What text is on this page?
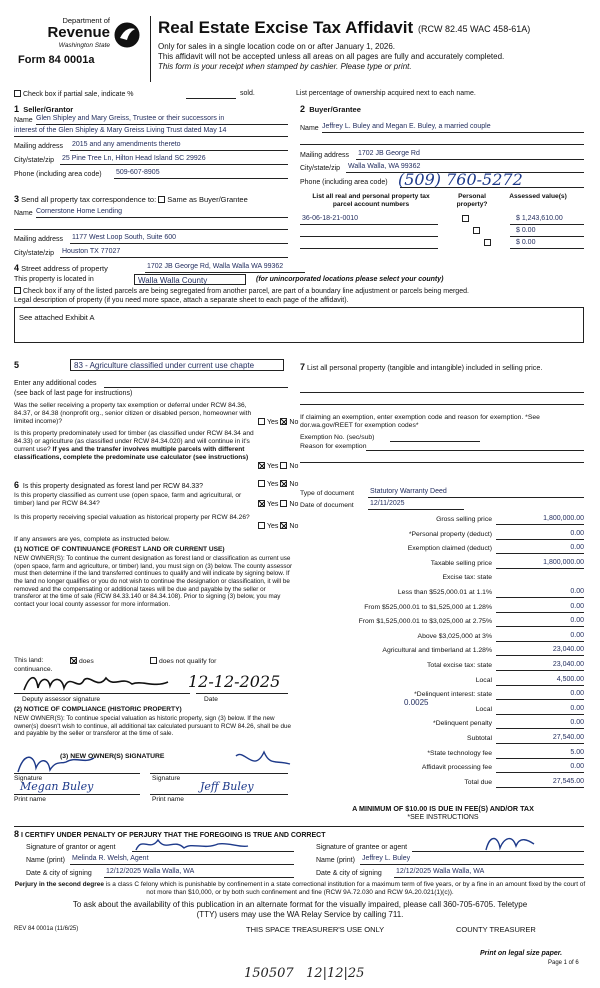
Department of
Revenue
Washington State
Form 84 0001a
Real Estate Excise Tax Affidavit (RCW 82.45 WAC 458-61A)
Only for sales in a single location code on or after January 1, 2026.
This affidavit will not be accepted unless all areas on all pages are fully and accurately completed.
This form is your receipt when stamped by cashier. Please type or print.
Check box if partial sale, indicate %	sold.	List percentage of ownership acquired next to each name.
1 Seller/Grantor
Name Glen Shipley and Mary Greiss, Trustee or their successors in
interest of the Glen Shipley & Mary Greiss Living Trust dated May 14
Mailing address 2015 and any amendments thereto
City/state/zip 25 Pine Tree Ln, Hilton Head Island SC 29926
Phone (including area code) 509-607-8905
2 Buyer/Grantee
Name Jeffrey L. Buley and Megan E. Buley, a married couple
Mailing address 1702 JB George Rd
City/state/zip Walla Walla, WA 99362
Phone (including area code) (509) 760-5272
3 Send all property tax correspondence to: Same as Buyer/Grantee
Name Cornerstone Home Lending
Mailing address 1177 West Loop South, Suite 600
City/state/zip Houston TX 77027
List all real and personal property tax parcel account numbers
Personal property?
Assessed value(s)
36-06-18-21-0010
	$ 1,243,610.00
$ 0.00
$ 0.00
4 Street address of property	1702 JB George Rd, Walla Walla WA 99362
This property is located in	Walla Walla County	(for unincorporated locations please select your county)
Check box if any of the listed parcels are being segregated from another parcel, are part of a boundary line adjustment or parcels being merged.
Legal description of property (if you need more space, attach a separate sheet to each page of the affidavit).
See attached Exhibit A
5	83 - Agriculture classified under current use chapte
Enter any additional codes
(see back of last page for instructions)
Was the seller receiving a property tax exemption or deferral under RCW 84.36, 84.37, or 84.38 (nonprofit org., senior citizen or disabled person, homeowner with limited income)?	Yes No
Is this property predominately used for timber (as classified under RCW 84.34 and 84.33) or agriculture (as classified under RCW 84.34.020) and will continue in it's current use? If yes and the transfer involves multiple parcels with different classifications, complete the predominate use calculator (see instructions)
Yes No
6 Is this property designated as forest land per RCW 84.33?	Yes No
Is this property classified as current use (open space, farm and agricultural, or timber) land per RCW 84.34?	Yes No
Is this property receiving special valuation as historical property per RCW 84.26?
Yes No
If any answers are yes, complete as instructed below.
(1) NOTICE OF CONTINUANCE (FOREST LAND OR CURRENT USE)
NEW OWNER(S): To continue the current designation as forest land or classification as current use (open space, farm and agriculture, or timber) land, you must sign on (3) below. The county assessor must then determine if the land transferred continues to qualify and will indicate by signing below. If the land no longer qualifies or you do not wish to continue the designation or classification, it will be removed and the compensating or additional taxes will be due and payable by the seller or transferor at the time of sale (RCW 84.33.140 or 84.34.108). Prior to signing (3) below, you may contact your local county assessor for more information.
This land:	does	does not qualify for
continuance.
12-12-2025
Deputy assessor signature	Date
(2) NOTICE OF COMPLIANCE (HISTORIC PROPERTY)
NEW OWNER(S): To continue special valuation as historic property, sign (3) below. If the new owner(s) doesn't wish to continue, all additional tax calculated pursuant to RCW 84.26, shall be due and payable by the seller or transferor at the time of sale.
(3) NEW OWNER(S) SIGNATURE
Signature	Signature
Megan Buley	Jeff Buley
Print name	Print name
7 List all personal property (tangible and intangible) included in selling price.
If claiming an exemption, enter exemption code and reason for exemption. *See dor.wa.gov/REET for exemption codes*
Exemption No. (sec/sub)
Reason for exemption
Type of document Statutory Warranty Deed
Date of document 12/11/2025
Gross selling price	1,800,000.00
*Personal property (deduct)	0.00
Exemption claimed (deduct)	0.00
Taxable selling price	1,800,000.00
Excise tax: state
Less than $525,000.01 at 1.1%	0.00
From $525,000.01 to $1,525,000 at 1.28%	0.00
From $1,525,000.01 to $3,025,000 at 2.75%	0.00
Above $3,025,000 at 3%	0.00
Agricultural and timberland at 1.28%	23,040.00
Total excise tax: state	23,040.00
Local	4,500.00
*Delinquent interest: state	0.00
Local	0.00
*Delinquent penalty	0.00
Subtotal	27,540.00
*State technology fee	5.00
Affidavit processing fee	0.00
Total due	27,545.00
0.0025
A MINIMUM OF $10.00 IS DUE IN FEE(S) AND/OR TAX
*SEE INSTRUCTIONS
8 I CERTIFY UNDER PENALTY OF PERJURY THAT THE FOREGOING IS TRUE AND CORRECT
Signature of grantor or agent
Name (print) Melinda R. Welsh, Agent
Date & city of signing 12/12/2025 Walla Walla, WA
Signature of grantee or agent
Name (print) Jeffrey L. Buley
Date & city of signing 12/12/2025 Walla Walla, WA
Perjury in the second degree is a class C felony which is punishable by confinement in a state correctional institution for a maximum term of five years, or by a fine in an amount fixed by the court of not more than $10,000, or by both such confinement and fine (RCW 9A.72.030 and RCW 9A.20.021(1)(c)).
To ask about the availability of this publication in an alternate format for the visually impaired, please call 360-705-6705. Teletype
(TTY) users may use the WA Relay Service by calling 711.
REV 84 0001a (11/6/25)	THIS SPACE TREASURER'S USE ONLY	COUNTY TREASURER
Print on legal size paper.
Page 1 of 6
150507   12|12|25
